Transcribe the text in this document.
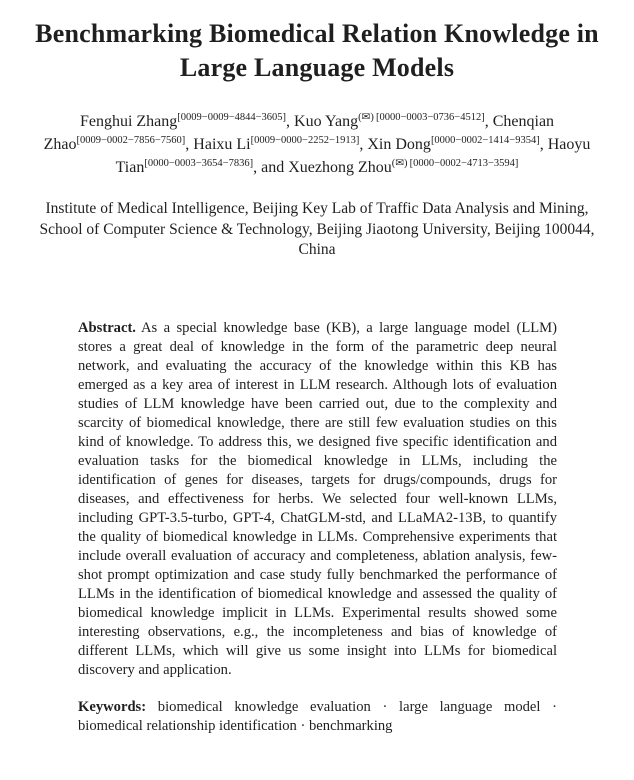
Benchmarking Biomedical Relation Knowledge in
Large Language Models
Fenghui Zhang[0009−0009−4844−3605], Kuo Yang$^{(✉) [0000-0003-0736-4512]}$, Chenqian Zhao[0009−0002−7856−7560], Haixu Li[0009−0000−2252−1913], Xin Dong[0000−0002−1414−9354], Haoyu Tian[0000−0003−3654−7836], and Xuezhong Zhou$^{(✉) [0000-0002-4713-3594]}$
Institute of Medical Intelligence, Beijing Key Lab of Traffic Data Analysis and Mining, School of Computer Science & Technology, Beijing Jiaotong University, Beijing 100044, China
Abstract. As a special knowledge base (KB), a large language model (LLM) stores a great deal of knowledge in the form of the parametric deep neural network, and evaluating the accuracy of the knowledge within this KB has emerged as a key area of interest in LLM research. Although lots of evaluation studies of LLM knowledge have been carried out, due to the complexity and scarcity of biomedical knowledge, there are still few evaluation studies on this kind of knowledge. To address this, we designed five specific identification and evaluation tasks for the biomedical knowledge in LLMs, including the identification of genes for diseases, targets for drugs/compounds, drugs for diseases, and effectiveness for herbs. We selected four well-known LLMs, including GPT-3.5-turbo, GPT-4, ChatGLM-std, and LLaMA2-13B, to quantify the quality of biomedical knowledge in LLMs. Comprehensive experiments that include overall evaluation of accuracy and completeness, ablation analysis, few-shot prompt optimization and case study fully benchmarked the performance of LLMs in the identification of biomedical knowledge and assessed the quality of biomedical knowledge implicit in LLMs. Experimental results showed some interesting observations, e.g., the incompleteness and bias of knowledge of different LLMs, which will give us some insight into LLMs for biomedical discovery and application.
Keywords: biomedical knowledge evaluation · large language model · biomedical relationship identification · benchmarking
